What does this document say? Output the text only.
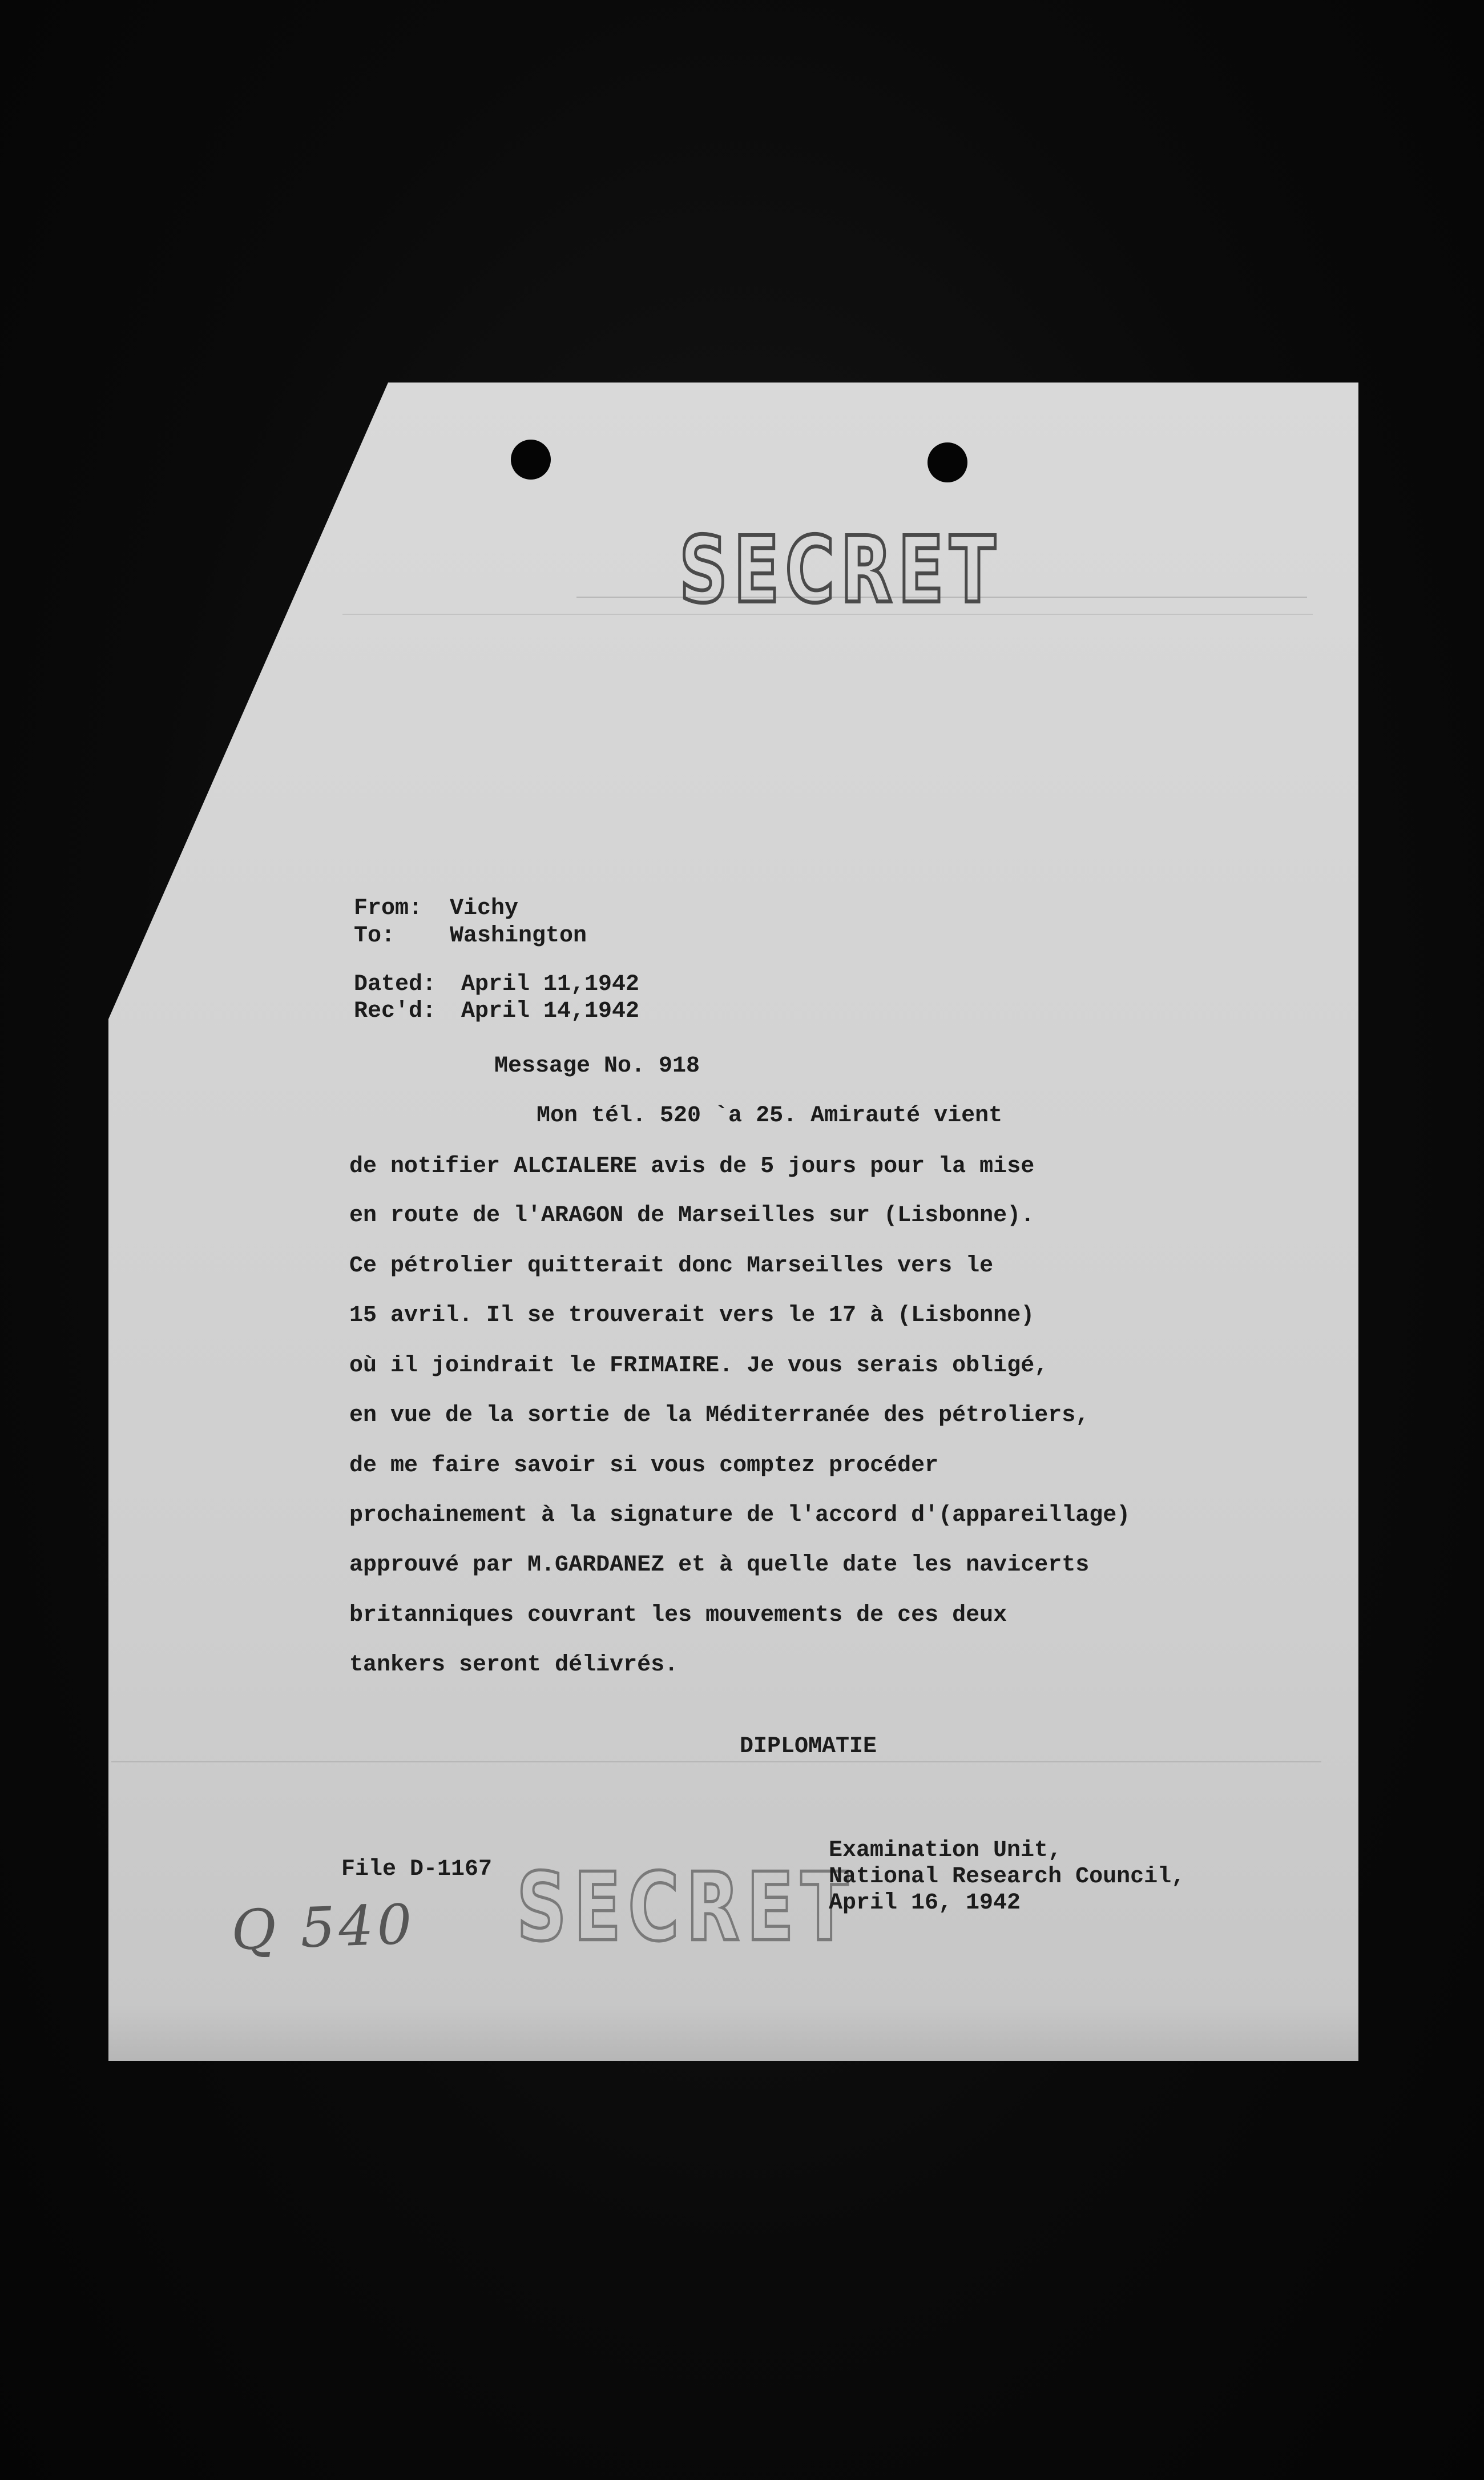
SECRET
From: Vichy
To: Washington
Dated: April 11,1942
Rec'd: April 14,1942
Message No. 918
Mon tél. 520 `a 25. Amirauté vient
de notifier ALCIALERE avis de 5 jours pour la mise
en route de l'ARAGON de Marseilles sur (Lisbonne).
Ce pétrolier quitterait donc Marseilles vers le
15 avril. Il se trouverait vers le 17 à (Lisbonne)
où il joindrait le FRIMAIRE. Je vous serais obligé,
en vue de la sortie de la Méditerranée des pétroliers,
de me faire savoir si vous comptez procéder
prochainement à la signature de l'accord d'(appareillage)
approuvé par M.GARDANEZ et à quelle date les navicerts
britanniques couvrant les mouvements de ces deux
tankers seront délivrés.
DIPLOMATIE
File D-1167 SECRET
Examination Unit,
National Research Council,
April 16, 1942
Q 540
